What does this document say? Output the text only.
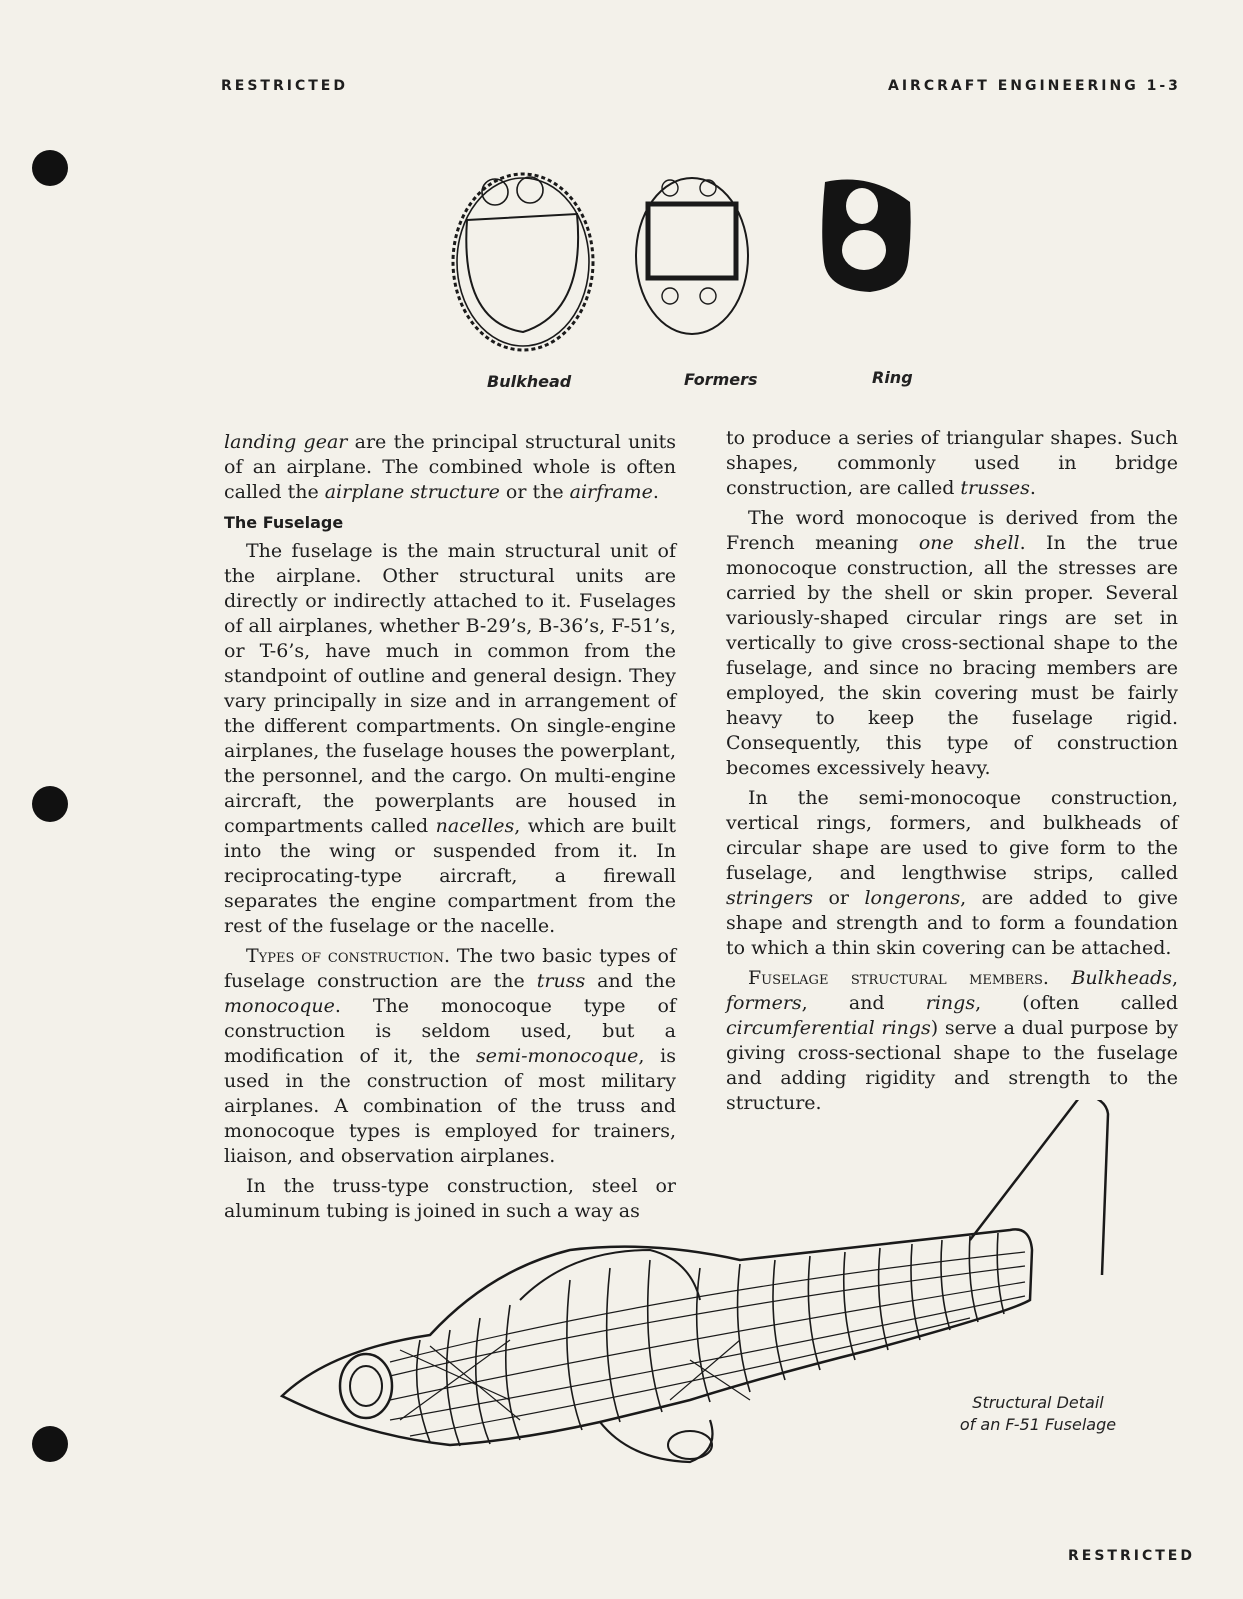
RESTRICTED	AIRCRAFT ENGINEERING 1-3
RESTRICTED
Bulkhead	Formers	Ring

landing gear are the principal structural units of an airplane. The combined whole is often called the airplane structure or the airframe.

The Fuselage

The fuselage is the main structural unit of the airplane. Other structural units are directly or indirectly attached to it. Fuselages of all airplanes, whether B-29’s, B-36’s, F-51’s, or T-6’s, have much in common from the standpoint of outline and general design. They vary principally in size and in arrangement of the different compartments. On single-engine airplanes, the fuselage houses the powerplant, the personnel, and the cargo. On multi-engine aircraft, the powerplants are housed in compartments called nacelles, which are built into the wing or suspended from it. In reciprocating-type aircraft, a firewall separates the engine compartment from the rest of the fuselage or the nacelle.

Types of construction. The two basic types of fuselage construction are the truss and the monocoque. The monocoque type of construction is seldom used, but a modification of it, the semi-monocoque, is used in the construction of most military airplanes. A combination of the truss and monocoque types is employed for trainers, liaison, and observation airplanes.

In the truss-type construction, steel or aluminum tubing is joined in such a way as

to produce a series of triangular shapes. Such shapes, commonly used in bridge construction, are called trusses.

The word monocoque is derived from the French meaning one shell. In the true monocoque construction, all the stresses are carried by the shell or skin proper. Several variously-shaped circular rings are set in vertically to give cross-sectional shape to the fuselage, and since no bracing members are employed, the skin covering must be fairly heavy to keep the fuselage rigid. Consequently, this type of construction becomes excessively heavy.

In the semi-monocoque construction, vertical rings, formers, and bulkheads of circular shape are used to give form to the fuselage, and lengthwise strips, called stringers or longerons, are added to give shape and strength and to form a foundation to which a thin skin covering can be attached.

Fuselage structural members. Bulkheads, formers, and rings, (often called circumferential rings) serve a dual purpose by giving cross-sectional shape to the fuselage and adding rigidity and strength to the structure.

Structural Detail
of an F-51 Fuselage
